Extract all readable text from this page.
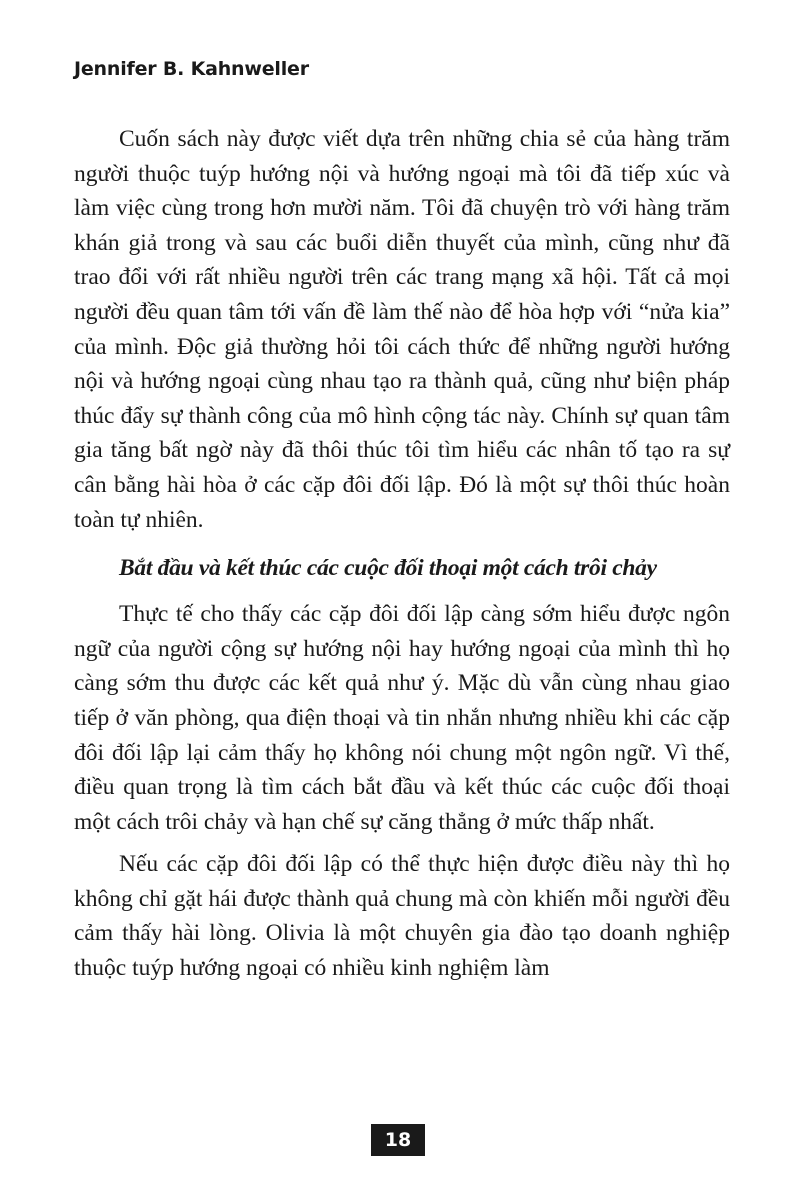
Jennifer B. Kahnweller

Cuốn sách này được viết dựa trên những chia sẻ của hàng trăm người thuộc tuýp hướng nội và hướng ngoại mà tôi đã tiếp xúc và làm việc cùng trong hơn mười năm. Tôi đã chuyện trò với hàng trăm khán giả trong và sau các buổi diễn thuyết của mình, cũng như đã trao đổi với rất nhiều người trên các trang mạng xã hội. Tất cả mọi người đều quan tâm tới vấn đề làm thế nào để hòa hợp với “nửa kia” của mình. Độc giả thường hỏi tôi cách thức để những người hướng nội và hướng ngoại cùng nhau tạo ra thành quả, cũng như biện pháp thúc đẩy sự thành công của mô hình cộng tác này. Chính sự quan tâm gia tăng bất ngờ này đã thôi thúc tôi tìm hiểu các nhân tố tạo ra sự cân bằng hài hòa ở các cặp đôi đối lập. Đó là một sự thôi thúc hoàn toàn tự nhiên.

Bắt đầu và kết thúc các cuộc đối thoại một cách trôi chảy

Thực tế cho thấy các cặp đôi đối lập càng sớm hiểu được ngôn ngữ của người cộng sự hướng nội hay hướng ngoại của mình thì họ càng sớm thu được các kết quả như ý. Mặc dù vẫn cùng nhau giao tiếp ở văn phòng, qua điện thoại và tin nhắn nhưng nhiều khi các cặp đôi đối lập lại cảm thấy họ không nói chung một ngôn ngữ. Vì thế, điều quan trọng là tìm cách bắt đầu và kết thúc các cuộc đối thoại một cách trôi chảy và hạn chế sự căng thẳng ở mức thấp nhất.

Nếu các cặp đôi đối lập có thể thực hiện được điều này thì họ không chỉ gặt hái được thành quả chung mà còn khiến mỗi người đều cảm thấy hài lòng. Olivia là một chuyên gia đào tạo doanh nghiệp thuộc tuýp hướng ngoại có nhiều kinh nghiệm làm

18
